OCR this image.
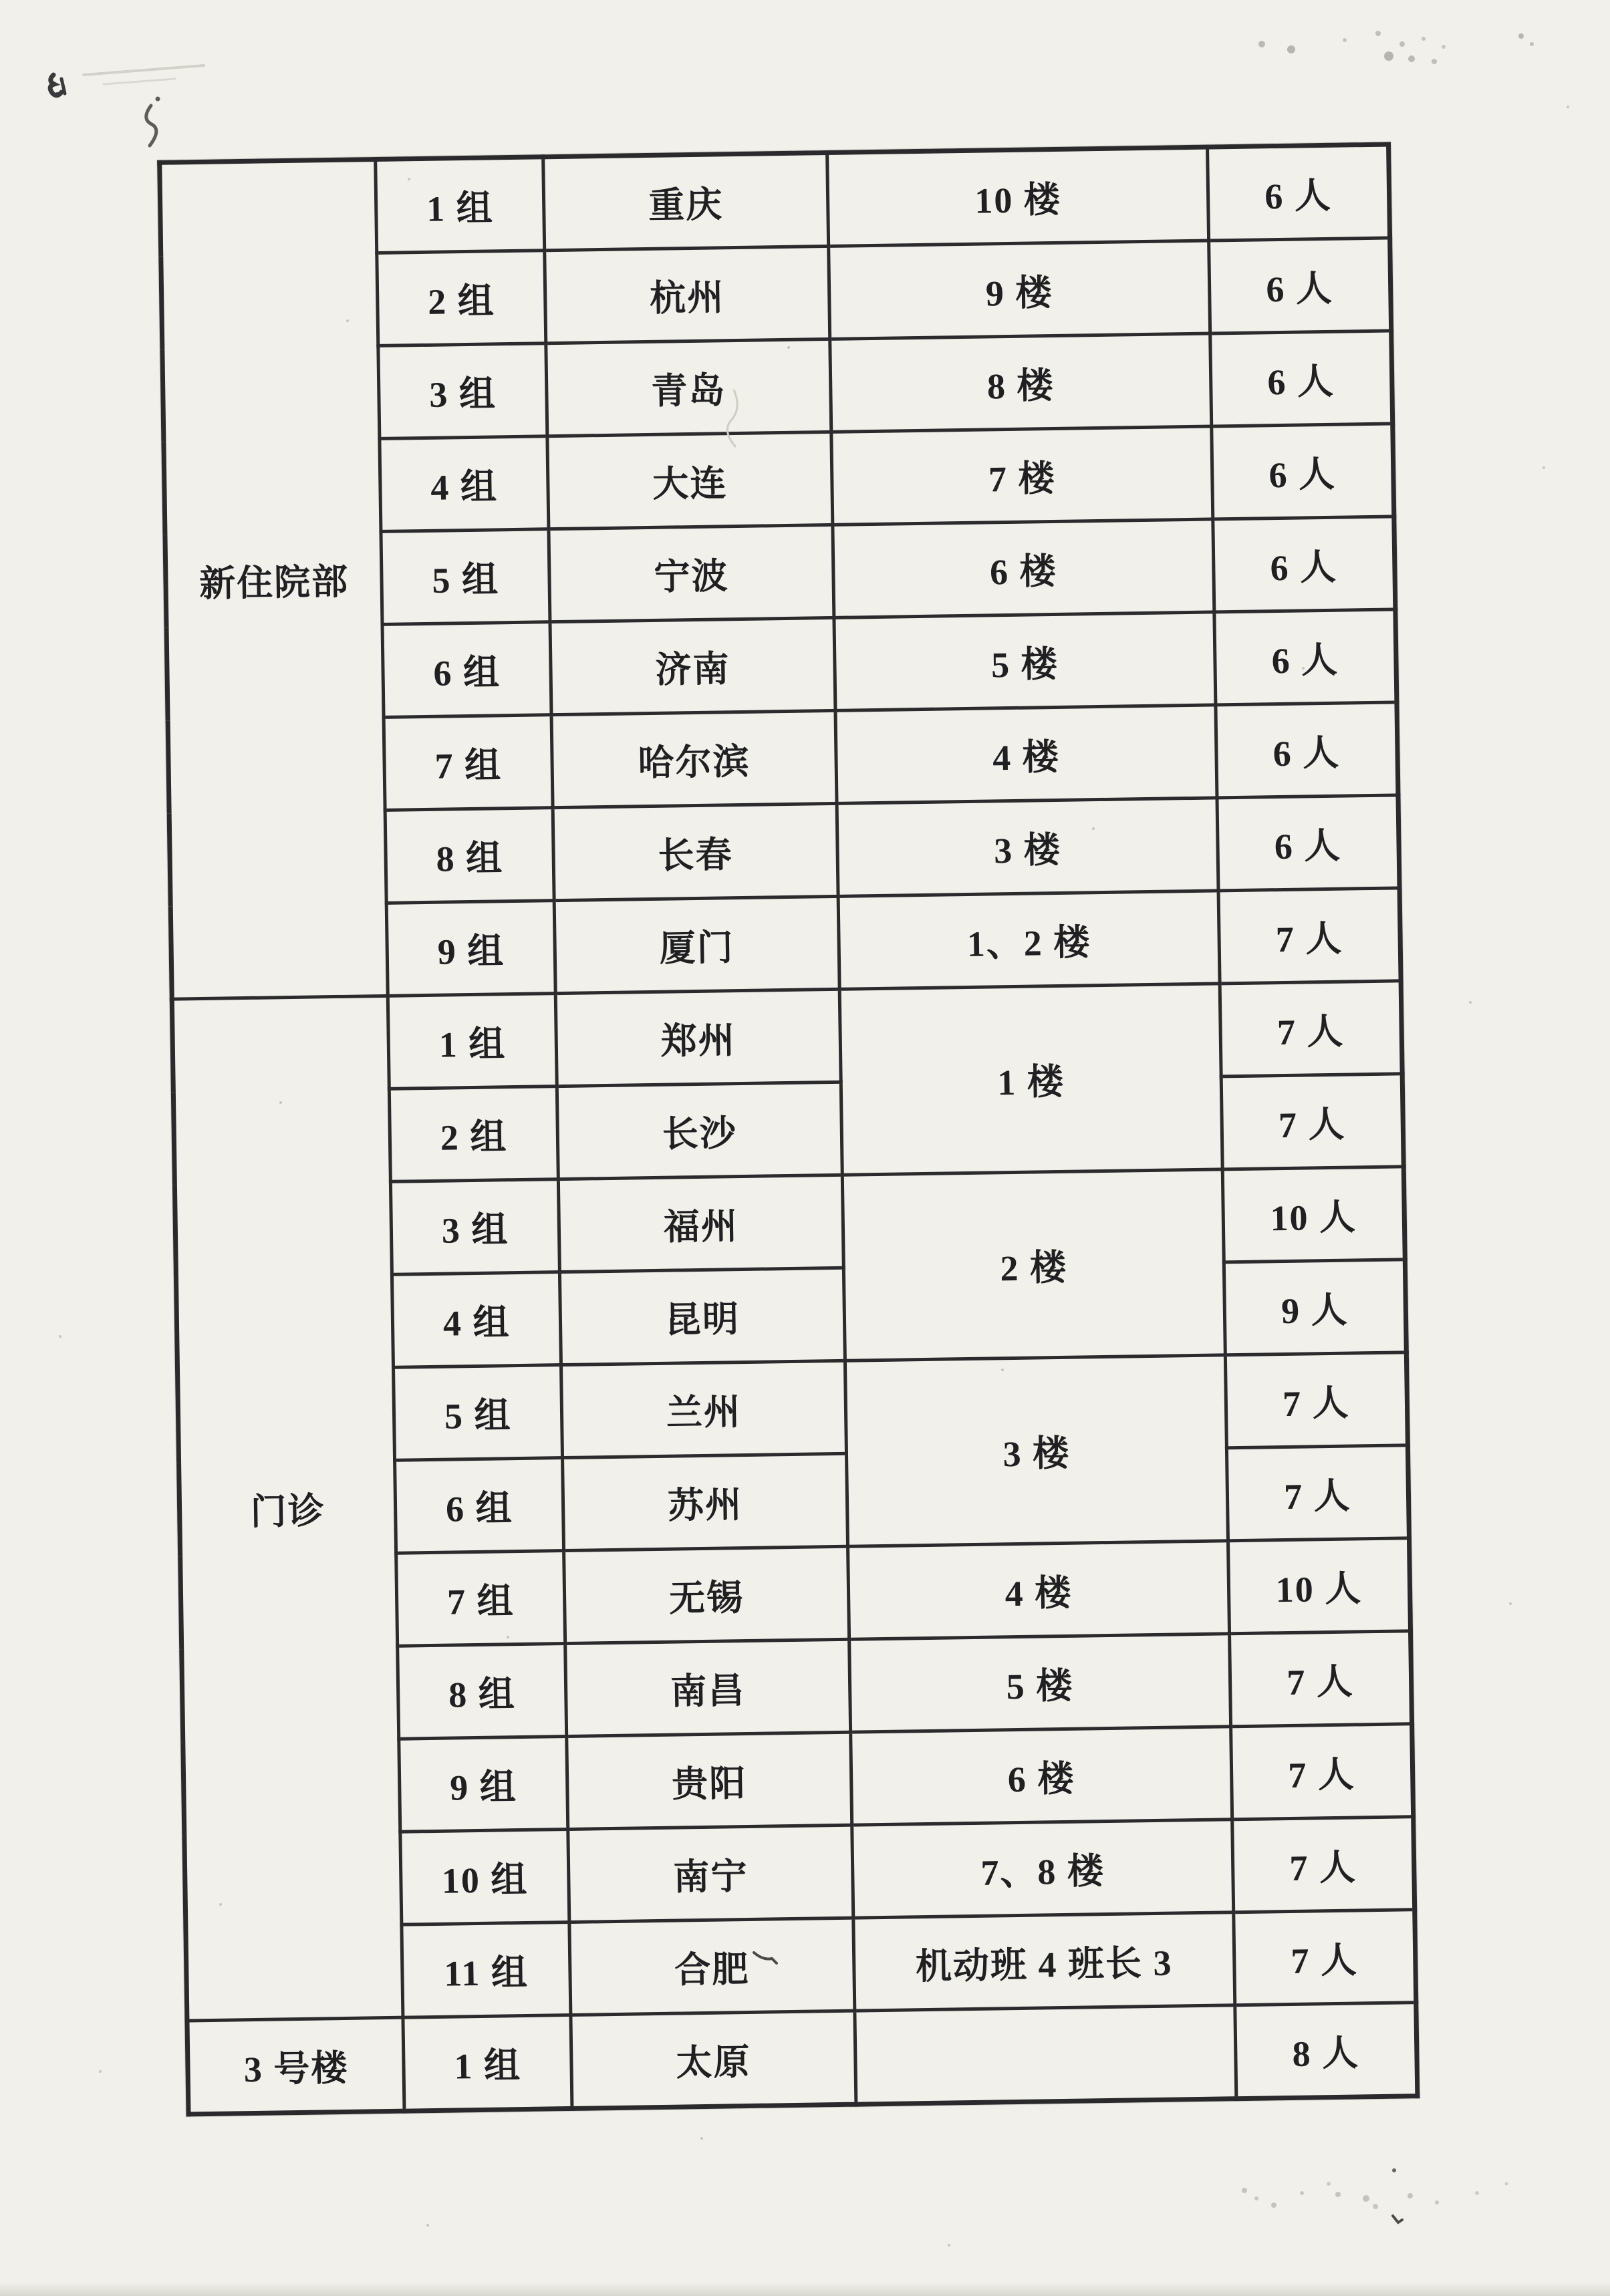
新住院部	1 组	重庆	10 楼	6 人
	2 组	杭州	9 楼	6 人
	3 组	青岛	8 楼	6 人
	4 组	大连	7 楼	6 人
	5 组	宁波	6 楼	6 人
	6 组	济南	5 楼	6 人
	7 组	哈尔滨	4 楼	6 人
	8 组	长春	3 楼	6 人
	9 组	厦门	1、2 楼	7 人
门诊	1 组	郑州	1 楼	7 人
	2 组	长沙		7 人
	3 组	福州	2 楼	10 人
	4 组	昆明		9 人
	5 组	兰州	3 楼	7 人
	6 组	苏州		7 人
	7 组	无锡	4 楼	10 人
	8 组	南昌	5 楼	7 人
	9 组	贵阳	6 楼	7 人
	10 组	南宁	7、8 楼	7 人
	11 组	合肥	机动班 4 班长 3	7 人
3 号楼	1 组	太原		8 人
